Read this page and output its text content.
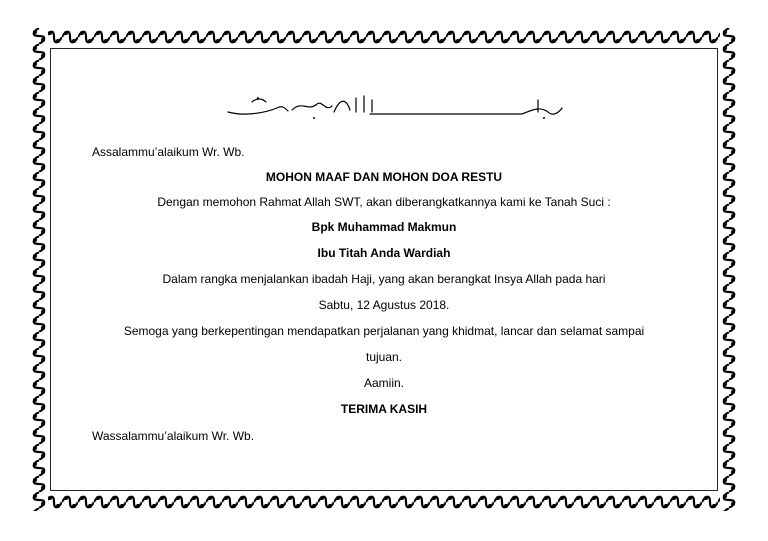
Assalammu’alaikum Wr. Wb.
MOHON MAAF DAN MOHON DOA RESTU
Dengan memohon Rahmat Allah SWT, akan diberangkatkannya kami ke Tanah Suci :
Bpk Muhammad Makmun
Ibu Titah Anda Wardiah
Dalam rangka menjalankan ibadah Haji, yang akan berangkat Insya Allah pada hari
Sabtu, 12 Agustus 2018.
Semoga yang berkepentingan mendapatkan perjalanan yang khidmat, lancar dan selamat sampai
tujuan.
Aamiin.
TERIMA KASIH
Wassalammu’alaikum Wr. Wb.
